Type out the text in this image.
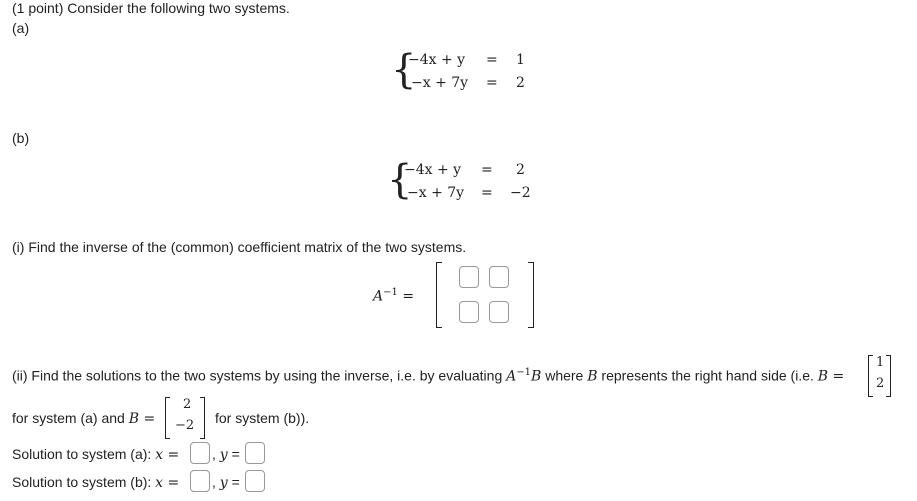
(1 point) Consider the following two systems.
(a)
{
−4x + y = 1
−x + 7y = 2
(b)
{
−4x + y = 2
−x + 7y = −2
(i) Find the inverse of the (common) coefficient matrix of the two systems.
$A^{-1}$ =
(ii) Find the solutions to the two systems by using the inverse, i.e. by evaluating $A^{-1}B$ where B represents the right hand side (i.e. B =
1
2
for system (a) and B =
2
−2 for system (b)).
Solution to system (a): x = , y =
Solution to system (b): x = , y =
